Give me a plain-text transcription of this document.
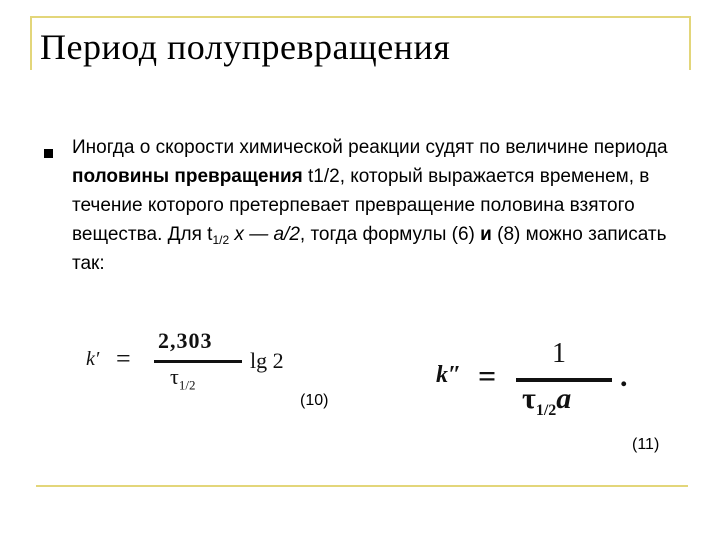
Период полупревращения

Иногда о скорости химической реакции судят по величине периода половины превращения t1/2, который выражается временем, в течение которого претерпевает превращение половина взятого вещества. Для $t_{1/2}$ x — a/2, тогда формулы (6) и (8) можно записать так:

k′ =
2,303
$\tau_{1/2}$
lg 2
(10)
k″ =
1
$\tau_{1/2}a$
.
(11)
